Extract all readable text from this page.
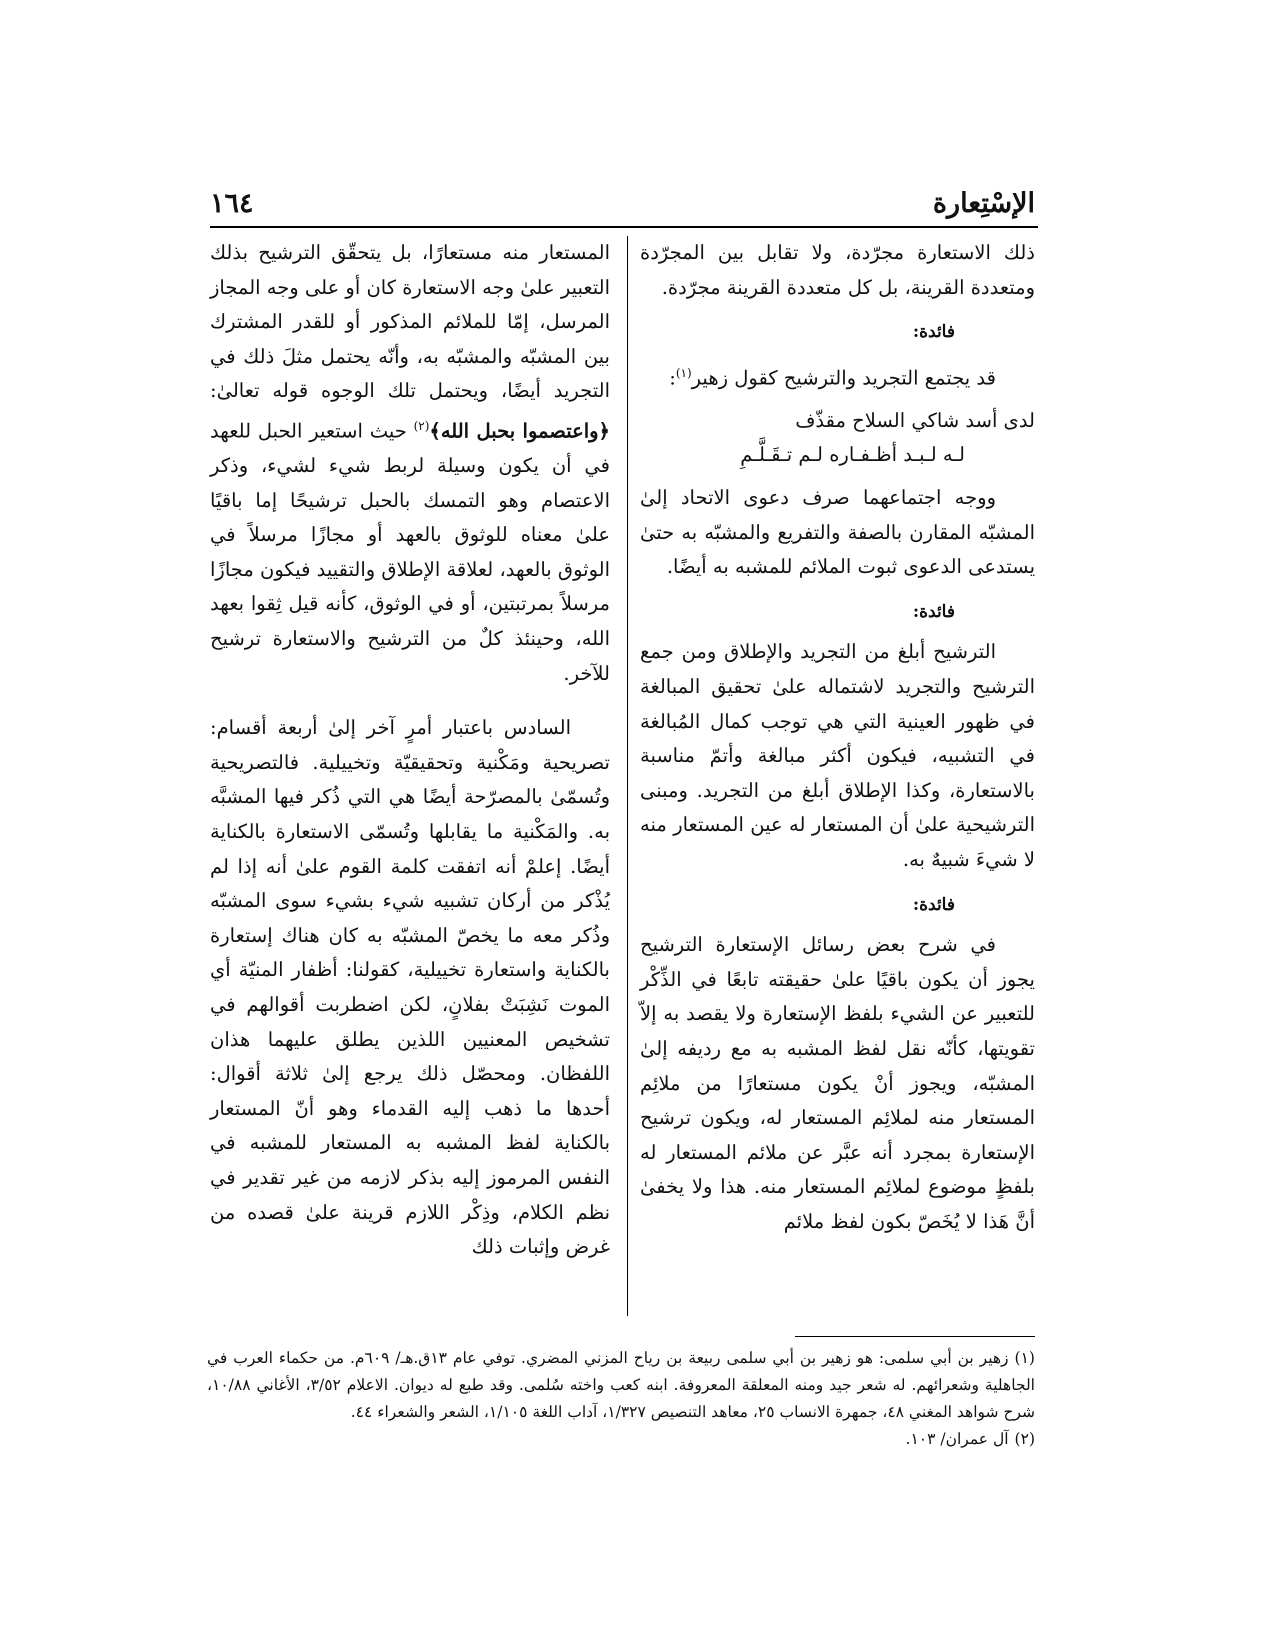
الإسْتِعارة
١٦٤

ذلك الاستعارة مجرّدة، ولا تقابل بين المجرّدة ومتعددة القرينة، بل كل متعددة القرينة مجرّدة.

فائدة:

قد يجتمع التجريد والترشيح كقول زهير$^{(١)}$:

لدى أسد شاكي السلاح مقذّف
لـه لـبـد أظـفـاره لـم تـقَـلَّـمِ

ووجه اجتماعهما صرف دعوى الاتحاد إلىٰ المشبّه المقارن بالصفة والتفريع والمشبّه به حتىٰ يستدعى الدعوى ثبوت الملائم للمشبه به أيضًا.

فائدة:

الترشيح أبلغ من التجريد والإطلاق ومن جمع الترشيح والتجريد لاشتماله علىٰ تحقيق المبالغة في ظهور العينية التي هي توجب كمال المُبالغة في التشبيه، فيكون أكثر مبالغة وأتمّ مناسبة بالاستعارة، وكذا الإطلاق أبلغ من التجريد. ومبنى الترشيحية علىٰ أن المستعار له عين المستعار منه لا شيءَ شبيهٌ به.

فائدة:

في شرح بعض رسائل الإستعارة الترشيح يجوز أن يكون باقيًا علىٰ حقيقته تابعًا في الذِّكْر للتعبير عن الشيء بلفظ الإستعارة ولا يقصد به إلاّ تقويتها، كأنّه نقل لفظ المشبه به مع رديفه إلىٰ المشبّه، ويجوز أنْ يكون مستعارًا من ملائِم المستعار منه لملائِم المستعار له، ويكون ترشيح الإستعارة بمجرد أنه عبَّر عن ملائم المستعار له بلفظٍ موضوع لملائِم المستعار منه. هذا ولا يخفىٰ أنَّ هَذا لا يُخَصّ بكون لفظ ملائم

المستعار منه مستعارًا، بل يتحقّق الترشيح بذلك التعبير علىٰ وجه الاستعارة كان أو على وجه المجاز المرسل، إمّا للملائم المذكور أو للقدر المشترك بين المشبّه والمشبّه به، وأنّه يحتمل مثلَ ذلك في التجريد أيضًا، ويحتمل تلك الوجوه قوله تعالىٰ: ﴿واعتصموا بحبل الله﴾$^{(٢)}$ حيث استعير الحبل للعهد في أن يكون وسيلة لربط شيء لشيء، وذكر الاعتصام وهو التمسك بالحبل ترشيحًا إما باقيًا علىٰ معناه للوثوق بالعهد أو مجازًا مرسلاً في الوثوق بالعهد، لعلاقة الإطلاق والتقييد فيكون مجازًا مرسلاً بمرتبتين، أو في الوثوق، كأنه قيل ثِقوا بعهد الله، وحينئذ كلٌ من الترشيح والاستعارة ترشيح للآخر.

السادس باعتبار أمرٍ آخر إلىٰ أربعة أقسام: تصريحية ومَكْنية وتحقيقيّة وتخييلية. فالتصريحية وتُسمّىٰ بالمصرّحة أيضًا هي التي ذُكر فيها المشبَّه به. والمَكْنية ما يقابلها وتُسمّى الاستعارة بالكناية أيضًا. إعلمْ أنه اتفقت كلمة القوم علىٰ أنه إذا لم يُذْكر من أركان تشبيه شيء بشيء سوى المشبّه وذُكر معه ما يخصّ المشبّه به كان هناك إستعارة بالكناية واستعارة تخييلية، كقولنا: أظفار المنيّة أي الموت نَشِبَتْ بفلانٍ، لكن اضطربت أقوالهم في تشخيص المعنيين اللذين يطلق عليهما هذان اللفظان. ومحصّل ذلك يرجع إلىٰ ثلاثة أقوال: أحدها ما ذهب إليه القدماء وهو أنّ المستعار بالكناية لفظ المشبه به المستعار للمشبه في النفس المرموز إليه بذكر لازمه من غير تقدير في نظم الكلام، وذِكْر اللازم قرينة علىٰ قصده من غرض وإثبات ذلك

(١)زهير بن أبي سلمى: هو زهير بن أبي سلمى ربيعة بن رياح المزني المضري. توفي عام ١٣ق.هـ/ ٦٠٩م. من حكماء العرب في الجاهلية وشعرائهم. له شعر جيد ومنه المعلقة المعروفة. ابنه كعب واخته سُلمى. وقد طبع له ديوان. الاعلام ٣/٥٢، الأغاني ١٠/٨٨، شرح شواهد المغني ٤٨، جمهرة الانساب ٢٥، معاهد التنصيص ١/٣٢٧، آداب اللغة ١/١٠٥، الشعر والشعراء ٤٤.

(٢)آل عمران/ ١٠٣.
